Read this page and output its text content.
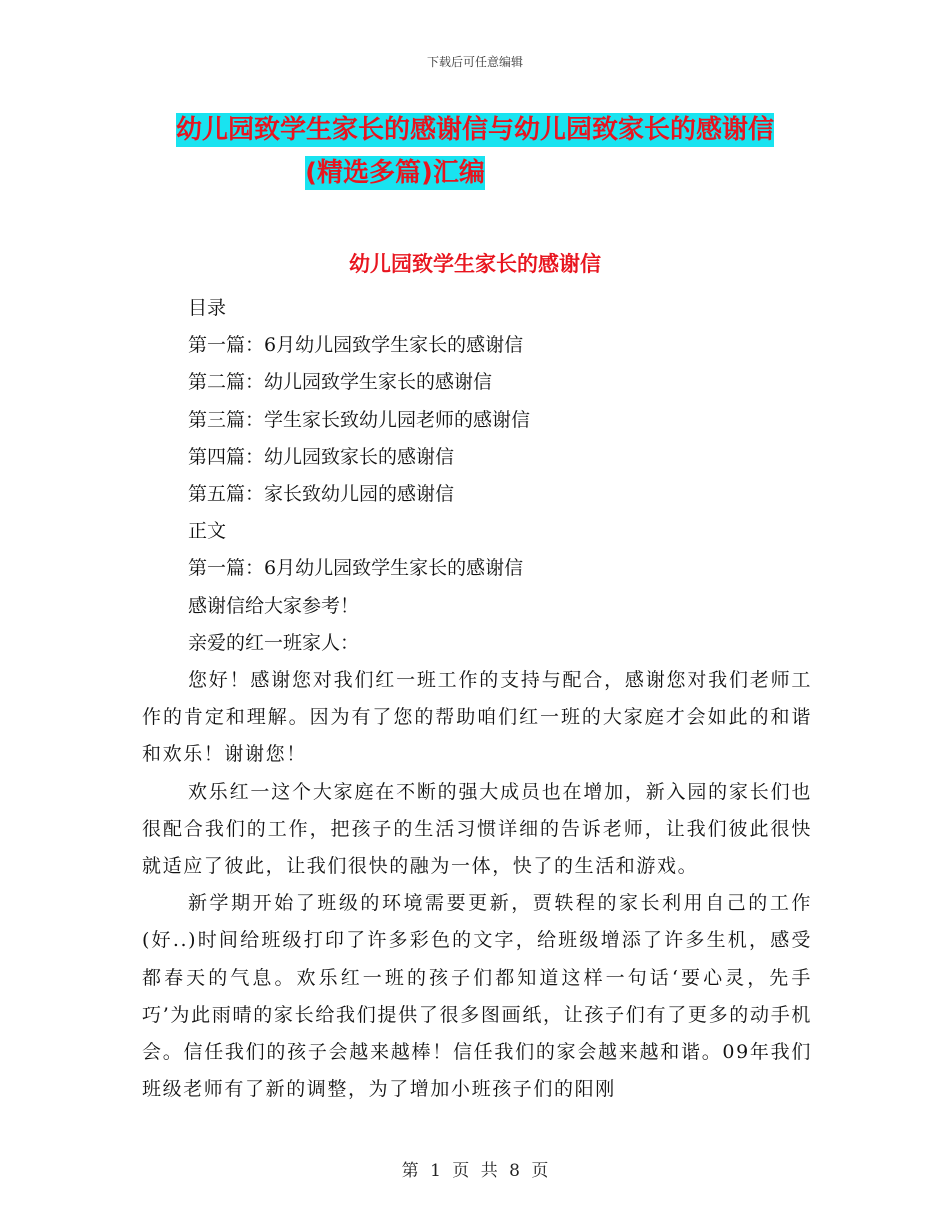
下载后可任意编辑
幼儿园致学生家长的感谢信与幼儿园致家长的感谢信
(精选多篇)汇编
幼儿园致学生家长的感谢信

目录

第一篇：6月幼儿园致学生家长的感谢信

第二篇：幼儿园致学生家长的感谢信

第三篇：学生家长致幼儿园老师的感谢信

第四篇：幼儿园致家长的感谢信

第五篇：家长致幼儿园的感谢信

正文

第一篇：6月幼儿园致学生家长的感谢信

感谢信给大家参考！

亲爱的红一班家人：

您好！感谢您对我们红一班工作的支持与配合，感谢您对我们老师工作的肯定和理解。因为有了您的帮助咱们红一班的大家庭才会如此的和谐和欢乐！谢谢您！

欢乐红一这个大家庭在不断的强大成员也在增加，新入园的家长们也很配合我们的工作，把孩子的生活习惯详细的告诉老师，让我们彼此很快就适应了彼此，让我们很快的融为一体，快了的生活和游戏。

新学期开始了班级的环境需要更新，贾轶程的家长利用自己的工作(好..)时间给班级打印了许多彩色的文字，给班级增添了许多生机，感受都春天的气息。欢乐红一班的孩子们都知道这样一句话‘要心灵，先手巧’为此雨晴的家长给我们提供了很多图画纸，让孩子们有了更多的动手机会。信任我们的孩子会越来越棒！信任我们的家会越来越和谐。09年我们班级老师有了新的调整，为了增加小班孩子们的阳刚

第 1 页 共 8 页
